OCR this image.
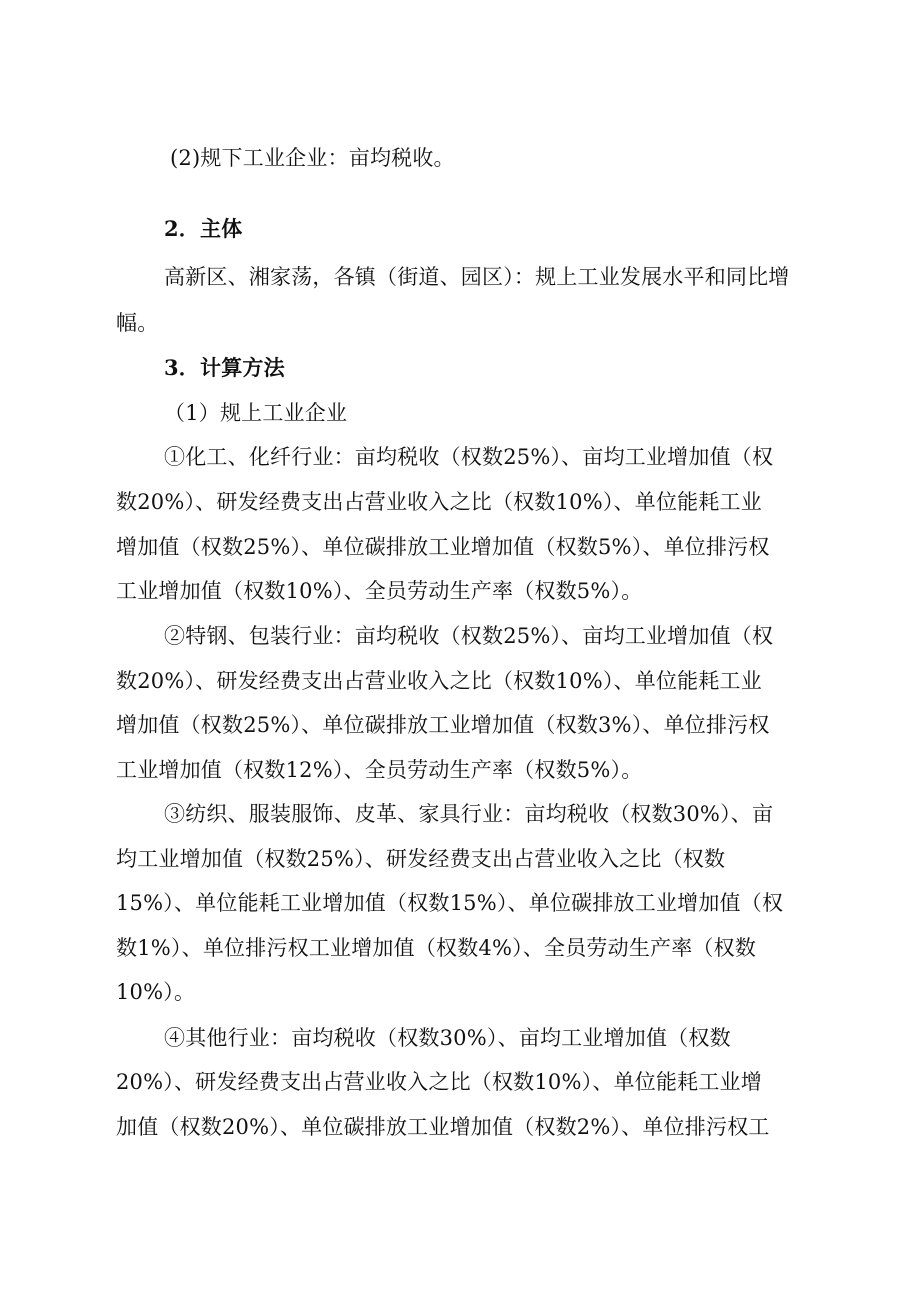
(2)规下工业企业：亩均税收。
2．主体
高新区、湘家荡，各镇（街道、园区）：规上工业发展水平和同比增
幅。
3．计算方法
（1）规上工业企业
①化工、化纤行业：亩均税收（权数25%）、亩均工业增加值（权
数20%）、研发经费支出占营业收入之比（权数10%）、单位能耗工业
增加值（权数25%）、单位碳排放工业增加值（权数5%）、单位排污权
工业增加值（权数10%）、全员劳动生产率（权数5%）。
②特钢、包装行业：亩均税收（权数25%）、亩均工业增加值（权
数20%）、研发经费支出占营业收入之比（权数10%）、单位能耗工业
增加值（权数25%）、单位碳排放工业增加值（权数3%）、单位排污权
工业增加值（权数12%）、全员劳动生产率（权数5%）。
③纺织、服装服饰、皮革、家具行业：亩均税收（权数30%）、亩
均工业增加值（权数25%）、研发经费支出占营业收入之比（权数
15%）、单位能耗工业增加值（权数15%）、单位碳排放工业增加值（权
数1%）、单位排污权工业增加值（权数4%）、全员劳动生产率（权数
10%）。
④其他行业：亩均税收（权数30%）、亩均工业增加值（权数
20%）、研发经费支出占营业收入之比（权数10%）、单位能耗工业增
加值（权数20%）、单位碳排放工业增加值（权数2%）、单位排污权工
